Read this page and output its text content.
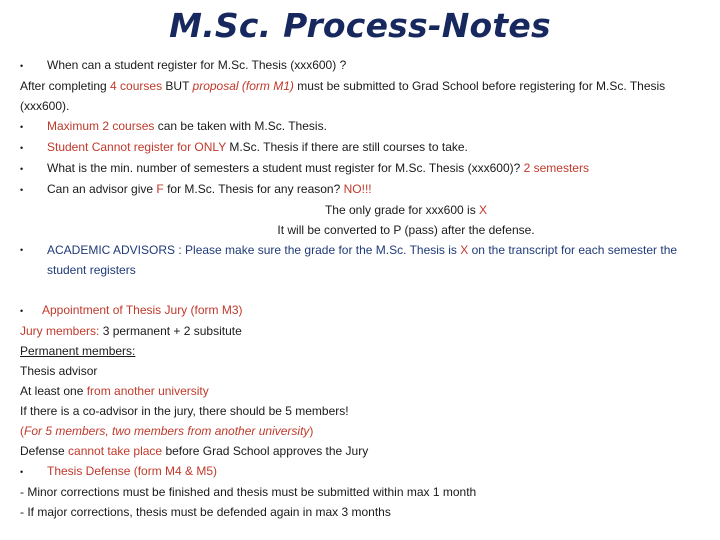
M.Sc. Process-Notes
• When can a student register for M.Sc. Thesis (xxx600) ?
After completing 4 courses BUT proposal (form M1) must be submitted to Grad School before registering for M.Sc. Thesis (xxx600).
• Maximum 2 courses can be taken with M.Sc. Thesis.
• Student Cannot register for ONLY M.Sc. Thesis if there are still courses to take.
• What is the min. number of semesters a student must register for M.Sc. Thesis (xxx600)? 2 semesters
• Can an advisor give F for M.Sc. Thesis for any reason? NO!!!
The only grade for xxx600 is X
It will be converted to P (pass) after the defense.
•	ACADEMIC ADVISORS : Please make sure the grade for the M.Sc. Thesis is X on the transcript for each semester the student registers
• Appointment of Thesis Jury (form M3)
Jury members: 3 permanent + 2 subsitute
Permanent members:
Thesis advisor
At least one from another university
If there is a co-advisor in the jury, there should be 5 members!
(For 5 members, two members from another university)
Defense cannot take place before Grad School approves the Jury
• Thesis Defense (form M4 & M5)
- Minor corrections must be finished and thesis must be submitted within max 1 month
- If major corrections, thesis must be defended again in max 3 months
